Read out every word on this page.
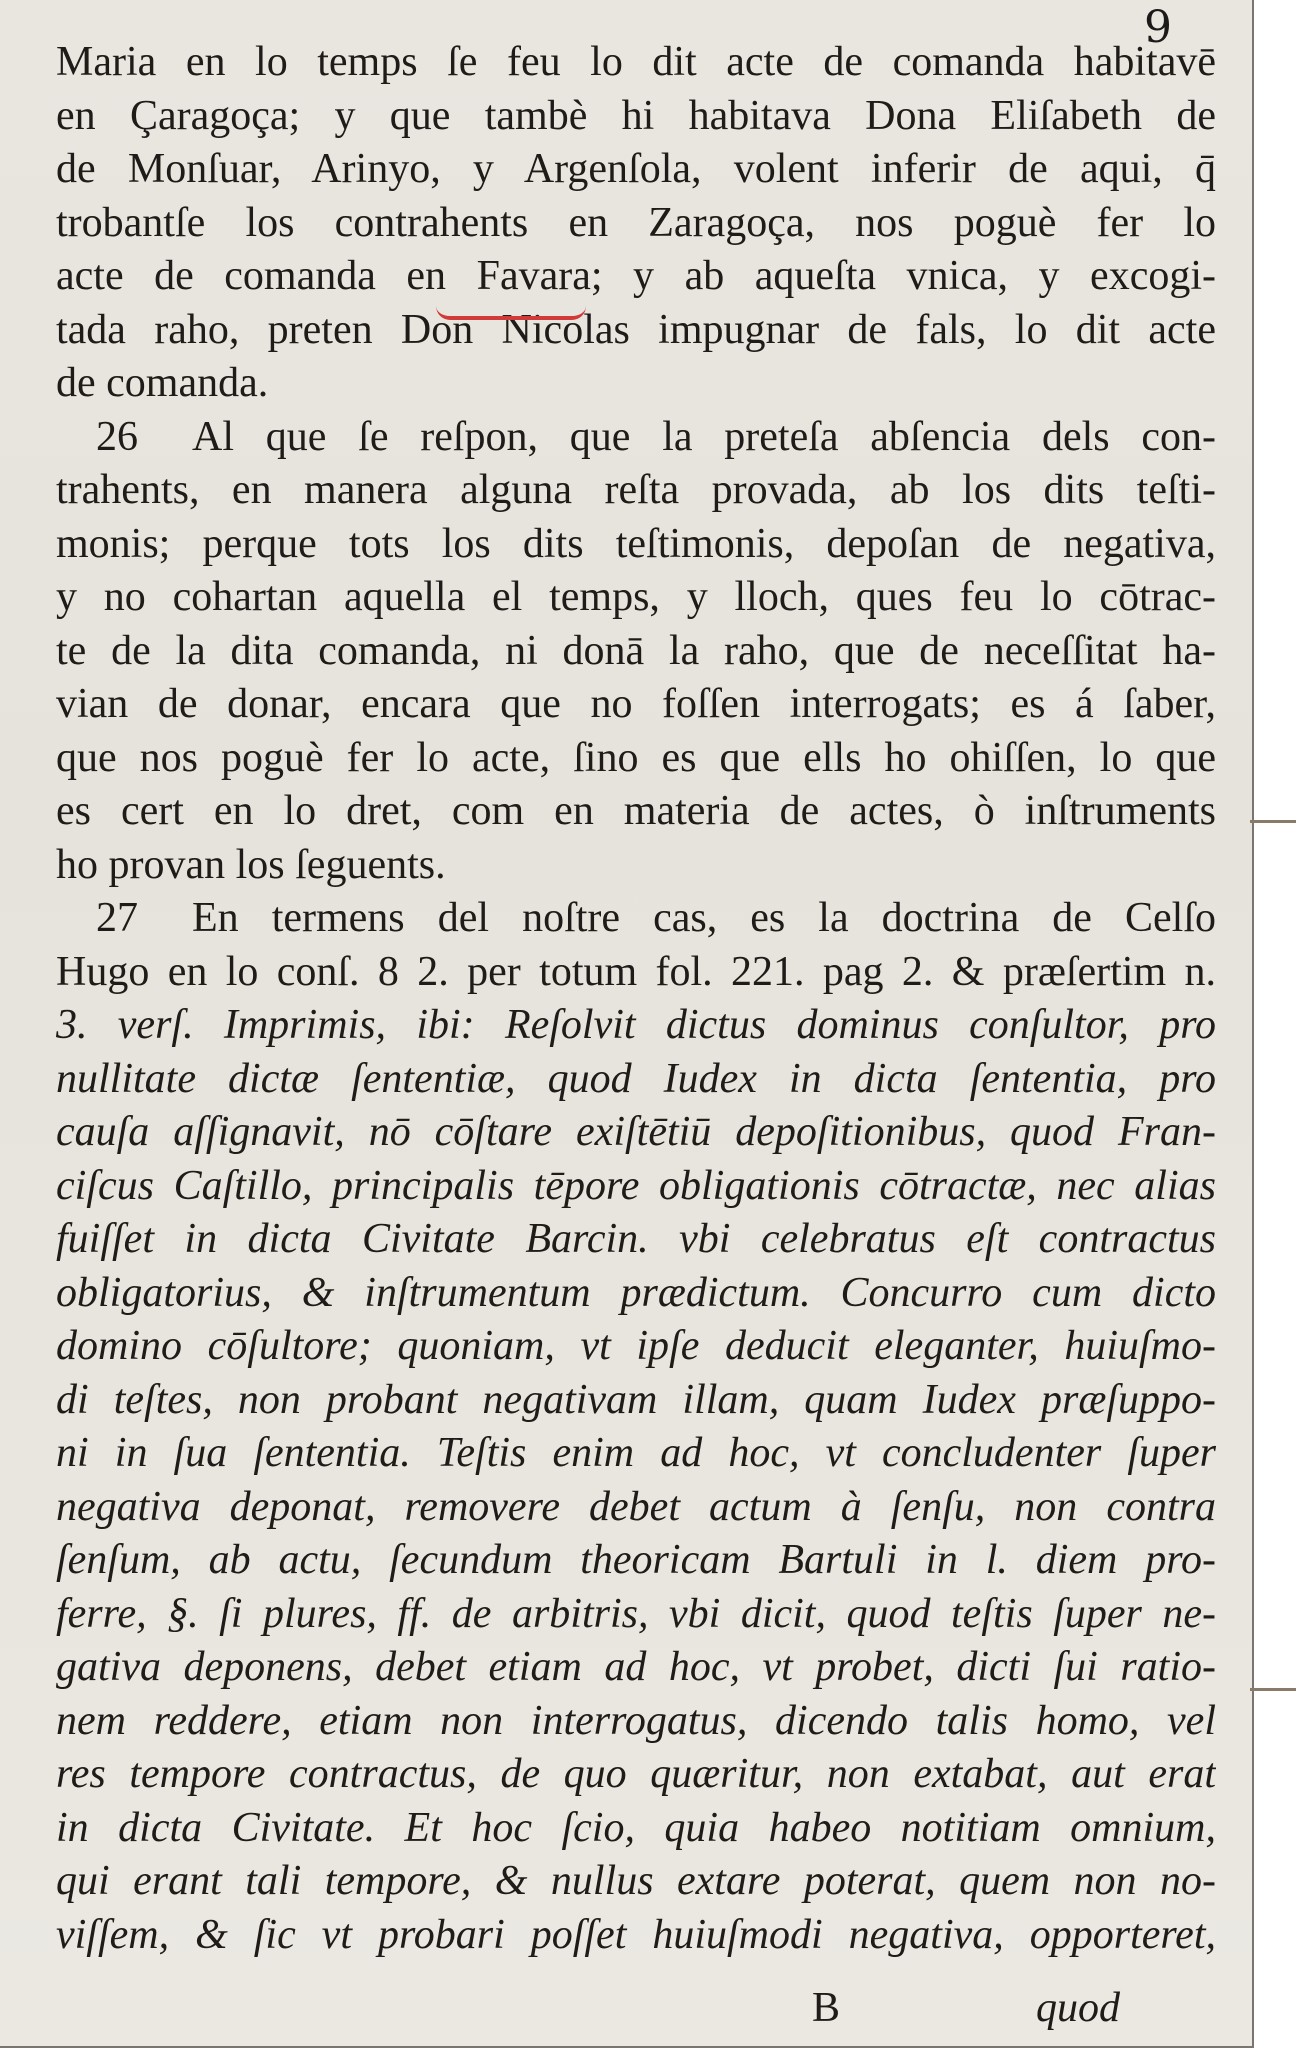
9
Maria en lo temps ſe feu lo dit acte de comanda habitavē
en Çaragoça; y que tambè hi habitava Dona Eliſabeth de
de Monſuar, Arinyo, y Argenſola, volent inferir de aqui, q̄
trobantſe los contrahents en Zaragoça, nos poguè fer lo
acte de comanda en Favara; y ab aqueſta vnica, y excogi-
tada raho, preten Don Nicolas impugnar de fals, lo dit acte
de comanda.
26 Al que ſe reſpon, que la preteſa abſencia dels con-
trahents, en manera alguna reſta provada, ab los dits teſti-
monis; perque tots los dits teſtimonis, depoſan de negativa,
y no cohartan aquella el temps, y lloch, ques feu lo cōtrac-
te de la dita comanda, ni donā la raho, que de neceſſitat ha-
vian de donar, encara que no foſſen interrogats; es á ſaber,
que nos poguè fer lo acte, ſino es que ells ho ohiſſen, lo que
es cert en lo dret, com en materia de actes, ò inſtruments
ho provan los ſeguents.
27 En termens del noſtre cas, es la doctrina de Celſo
Hugo en lo conſ. 8 2. per totum fol. 221. pag 2. & præſertim n.
3. verſ. Imprimis, ibi: Reſolvit dictus dominus conſultor, pro
nullitate dictæ ſententiæ, quod Iudex in dicta ſententia, pro
cauſa aſſignavit, nō cōſtare exiſtētiū depoſitionibus, quod Fran-
ciſcus Caſtillo, principalis tēpore obligationis cōtractæ, nec alias
fuiſſet in dicta Civitate Barcin. vbi celebratus eſt contractus
obligatorius, & inſtrumentum prædictum. Concurro cum dicto
domino cōſultore; quoniam, vt ipſe deducit eleganter, huiuſmo-
di teſtes, non probant negativam illam, quam Iudex præſuppo-
ni in ſua ſententia. Teſtis enim ad hoc, vt concludenter ſuper
negativa deponat, removere debet actum à ſenſu, non contra
ſenſum, ab actu, ſecundum theoricam Bartuli in l. diem pro-
ferre, §. ſi plures, ff. de arbitris, vbi dicit, quod teſtis ſuper ne-
gativa deponens, debet etiam ad hoc, vt probet, dicti ſui ratio-
nem reddere, etiam non interrogatus, dicendo talis homo, vel
res tempore contractus, de quo quæritur, non extabat, aut erat
in dicta Civitate. Et hoc ſcio, quia habeo notitiam omnium,
qui erant tali tempore, & nullus extare poterat, quem non no-
viſſem, & ſic vt probari poſſet huiuſmodi negativa, opporteret,
B	quod
